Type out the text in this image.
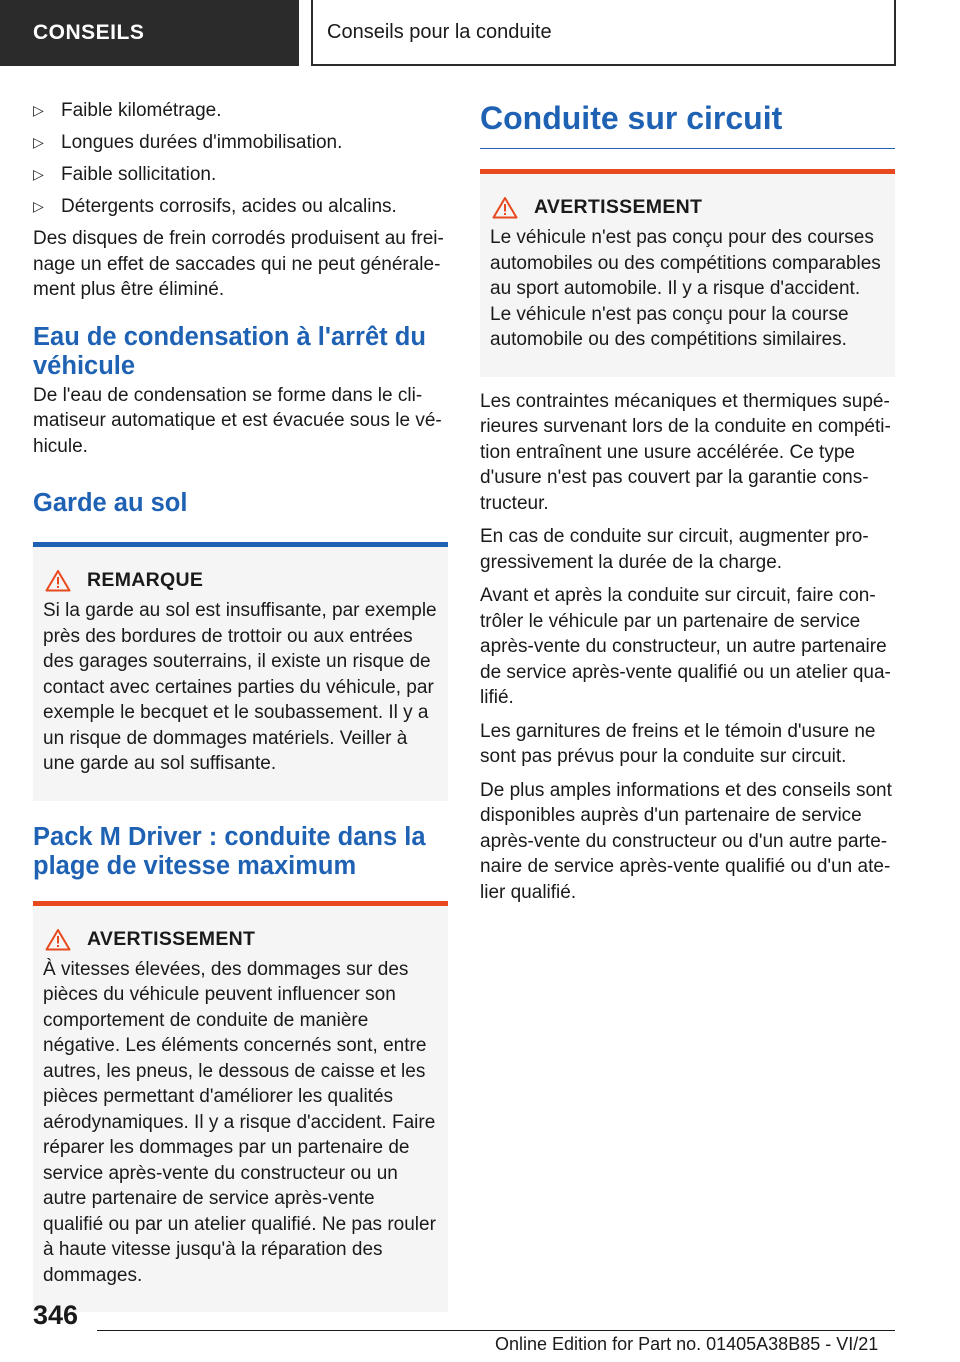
CONSEILS	Conseils pour la conduite
▷ Faible kilométrage.
▷ Longues durées d'immobilisation.
▷ Faible sollicitation.
▷ Détergents corrosifs, acides ou alcalins.

Des disques de frein corrodés produisent au freinage un effet de saccades qui ne peut généralement plus être éliminé.

Eau de condensation à l'arrêt du véhicule

De l'eau de condensation se forme dans le climatiseur automatique et est évacuée sous le véhicule.

Garde au sol
REMARQUE

Si la garde au sol est insuffisante, par exemple près des bordures de trottoir ou aux entrées des garages souterrains, il existe un risque de contact avec certaines parties du véhicule, par exemple le becquet et le soubassement. Il y a un risque de dommages matériels. Veiller à une garde au sol suffisante.

Pack M Driver : conduite dans la plage de vitesse maximum
AVERTISSEMENT

À vitesses élevées, des dommages sur des pièces du véhicule peuvent influencer son comportement de conduite de manière négative. Les éléments concernés sont, entre autres, les pneus, le dessous de caisse et les pièces permettant d'améliorer les qualités aérodynamiques. Il y a risque d'accident. Faire réparer les dommages par un partenaire de service après-vente du constructeur ou un autre partenaire de service après-vente qualifié ou par un atelier qualifié. Ne pas rouler à haute vitesse jusqu'à la réparation des dommages.

Conduite sur circuit
AVERTISSEMENT

Le véhicule n'est pas conçu pour des courses automobiles ou des compétitions comparables au sport automobile. Il y a risque d'accident. Le véhicule n'est pas conçu pour la course automobile ou des compétitions similaires.

Les contraintes mécaniques et thermiques supérieures survenant lors de la conduite en compétition entraînent une usure accélérée. Ce type d'usure n'est pas couvert par la garantie constructeur.

En cas de conduite sur circuit, augmenter progressivement la durée de la charge.

Avant et après la conduite sur circuit, faire contrôler le véhicule par un partenaire de service après-vente du constructeur, un autre partenaire de service après-vente qualifié ou un atelier qualifié.

Les garnitures de freins et le témoin d'usure ne sont pas prévus pour la conduite sur circuit.

De plus amples informations et des conseils sont disponibles auprès d'un partenaire de service après-vente du constructeur ou d'un autre partenaire de service après-vente qualifié ou d'un atelier qualifié.

346
Online Edition for Part no. 01405A38B85 - VI/21
